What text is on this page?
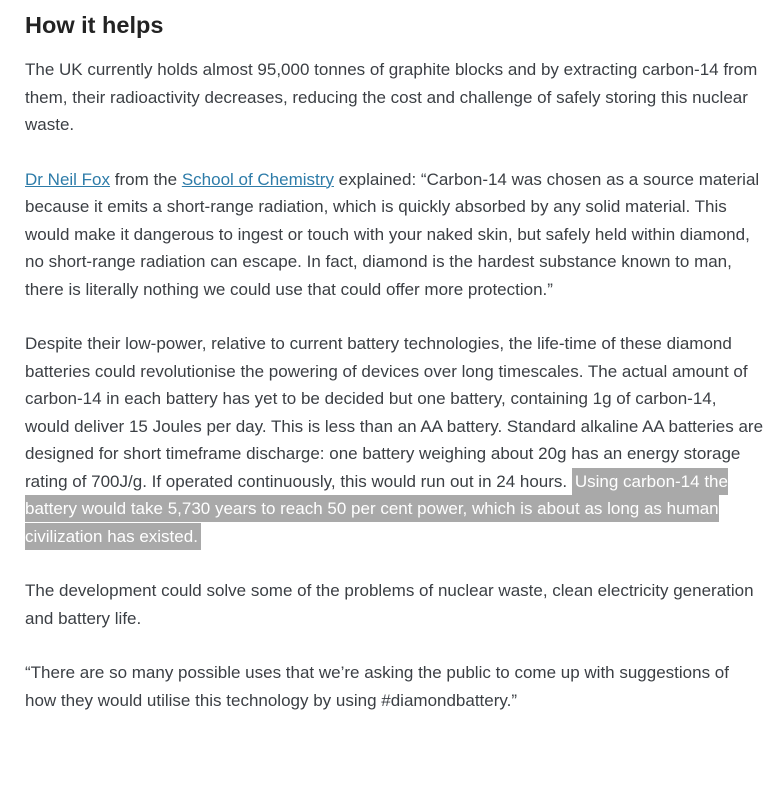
How it helps

The UK currently holds almost 95,000 tonnes of graphite blocks and by extracting carbon-14 from them, their radioactivity decreases, reducing the cost and challenge of safely storing this nuclear waste.

Dr Neil Fox from the School of Chemistry explained: “Carbon-14 was chosen as a source material because it emits a short-range radiation, which is quickly absorbed by any solid material. This would make it dangerous to ingest or touch with your naked skin, but safely held within diamond, no short-range radiation can escape. In fact, diamond is the hardest substance known to man, there is literally nothing we could use that could offer more protection.”

Despite their low-power, relative to current battery technologies, the life-time of these diamond batteries could revolutionise the powering of devices over long timescales. The actual amount of carbon-14 in each battery has yet to be decided but one battery, containing 1g of carbon-14, would deliver 15 Joules per day. This is less than an AA battery. Standard alkaline AA batteries are designed for short timeframe discharge: one battery weighing about 20g has an energy storage rating of 700J/g. If operated continuously, this would run out in 24 hours. Using carbon-14 the battery would take 5,730 years to reach 50 per cent power, which is about as long as human civilization has existed.

The development could solve some of the problems of nuclear waste, clean electricity generation and battery life.

“There are so many possible uses that we’re asking the public to come up with suggestions of how they would utilise this technology by using #diamondbattery.”
